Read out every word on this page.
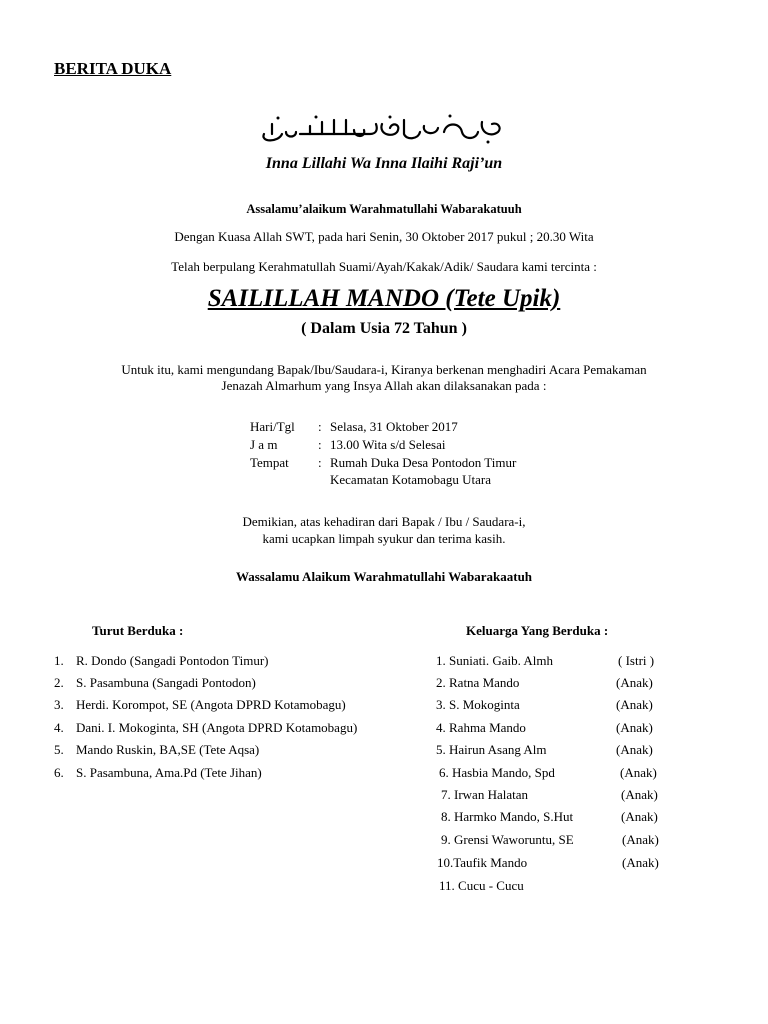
BERITA DUKA
Inna Lillahi Wa Inna Ilaihi Raji’un
Assalamu’alaikum Warahmatullahi Wabarakatuuh
Dengan Kuasa Allah SWT, pada hari Senin, 30 Oktober 2017 pukul ; 20.30 Wita
Telah berpulang Kerahmatullah Suami/Ayah/Kakak/Adik/ Saudara kami tercinta :
SAILILLAH MANDO (Tete Upik)
( Dalam Usia 72 Tahun )
Untuk itu, kami mengundang Bapak/Ibu/Saudara-i, Kiranya berkenan menghadiri Acara Pemakaman
Jenazah Almarhum yang Insya Allah akan dilaksanakan pada :
Hari/Tgl : Selasa, 31 Oktober 2017
J a m	: 13.00 Wita s/d Selesai
Tempat : Rumah Duka Desa Pontodon Timur
Kecamatan Kotamobagu Utara
Demikian, atas kehadiran dari Bapak / Ibu / Saudara-i,
kami ucapkan limpah syukur dan terima kasih.
Wassalamu Alaikum Warahmatullahi Wabarakaatuh
Turut Berduka :
1. R. Dondo (Sangadi Pontodon Timur)
2. S. Pasambuna (Sangadi Pontodon)
3. Herdi. Korompot, SE (Angota DPRD Kotamobagu)
4. Dani. I. Mokoginta, SH (Angota DPRD Kotamobagu)
5. Mando Ruskin, BA,SE (Tete Aqsa)
6. S. Pasambuna, Ama.Pd (Tete Jihan)
Keluarga Yang Berduka :
1. Suniati. Gaib. Almh	( Istri )
2. Ratna Mando	(Anak)
3. S. Mokoginta	(Anak)
4. Rahma Mando	(Anak)
5. Hairun Asang Alm	(Anak)
6. Hasbia Mando, Spd	(Anak)
7. Irwan Halatan	(Anak)
8. Harmko Mando, S.Hut	(Anak)
9. Grensi Waworuntu, SE	(Anak)
10.Taufik Mando	(Anak)
11. Cucu - Cucu
